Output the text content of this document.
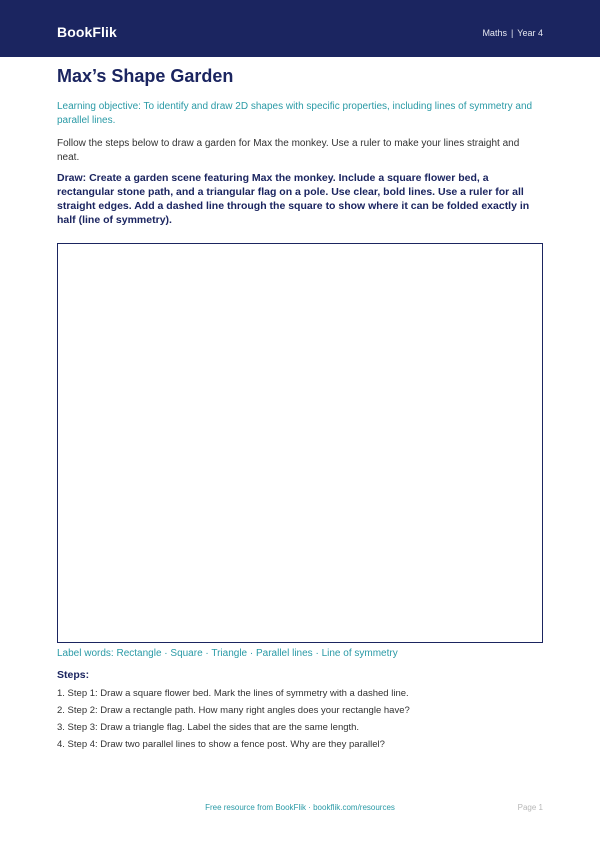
BookFlik	Maths | Year 4
Max’s Shape Garden
Learning objective: To identify and draw 2D shapes with specific properties, including lines of symmetry and parallel lines.
Follow the steps below to draw a garden for Max the monkey. Use a ruler to make your lines straight and neat.
Draw: Create a garden scene featuring Max the monkey. Include a square flower bed, a rectangular stone path, and a triangular flag on a pole. Use clear, bold lines. Use a ruler for all straight edges. Add a dashed line through the square to show where it can be folded exactly in half (line of symmetry).
Label words: Rectangle · Square · Triangle · Parallel lines · Line of symmetry
Steps:
1. Step 1: Draw a square flower bed. Mark the lines of symmetry with a dashed line.
2. Step 2: Draw a rectangle path. How many right angles does your rectangle have?
3. Step 3: Draw a triangle flag. Label the sides that are the same length.
4. Step 4: Draw two parallel lines to show a fence post. Why are they parallel?
Free resource from BookFlik · bookflik.com/resources	Page 1
